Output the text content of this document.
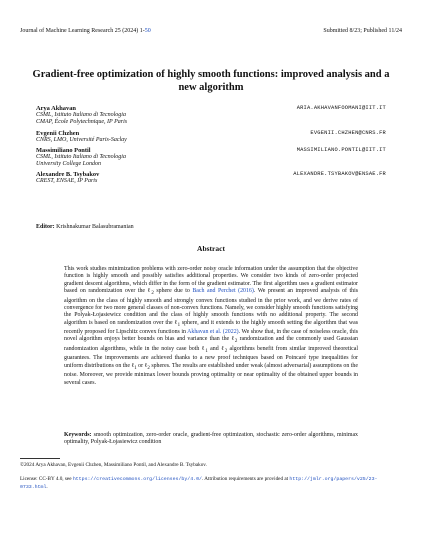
Journal of Machine Learning Research 25 (2024) 1-50	Submitted 8/23; Published 11/24
Gradient-free optimization of highly smooth functions: improved analysis and a new algorithm
Arya Akhavan	ARIA.AKHAVANFOOMANI@IIT.IT
CSML, Istituto Italiano di Tecnologia
CMAP, École Polytechnique, IP Paris
Evgenii Chzhen	EVGENII.CHZHEN@CNRS.FR
CNRS, LMO, Université Paris-Saclay
Massimiliano Pontil	MASSIMILIANO.PONTIL@IIT.IT
CSML, Istituto Italiano di Tecnologia
University College London
Alexandre B. Tsybakov	ALEXANDRE.TSYBAKOV@ENSAE.FR
CREST, ENSAE, IP Paris
Editor: Krishnakumar Balasubramanian
Abstract
This work studies minimization problems with zero-order noisy oracle information under the assumption that the objective function is highly smooth and possibly satisfies additional properties. We consider two kinds of zero-order projected gradient descent algorithms, which differ in the form of the gradient estimator. The first algorithm uses a gradient estimator based on randomization over the ℓ$_2$ sphere due to Bach and Perchet (2016). We present an improved analysis of this algorithm on the class of highly smooth and strongly convex functions studied in the prior work, and we derive rates of convergence for two more general classes of non-convex functions. Namely, we consider highly smooth functions satisfying the Polyak-Łojasiewicz condition and the class of highly smooth functions with no additional property. The second algorithm is based on randomization over the ℓ$_1$ sphere, and it extends to the highly smooth setting the algorithm that was recently proposed for Lipschitz convex functions in Akhavan et al. (2022). We show that, in the case of noiseless oracle, this novel algorithm enjoys better bounds on bias and variance than the ℓ$_2$ randomization and the commonly used Gaussian randomization algorithms, while in the noisy case both ℓ$_1$ and ℓ$_2$ algorithms benefit from similar improved theoretical guarantees. The improvements are achieved thanks to a new proof techniques based on Poincaré type inequalities for uniform distributions on the ℓ$_1$ or ℓ$_2$ spheres. The results are established under weak (almost adversarial) assumptions on the noise. Moreover, we provide minimax lower bounds proving optimality or near optimality of the obtained upper bounds in several cases.
Keywords: smooth optimization, zero-order oracle, gradient-free optimization, stochastic zero-order algorithms, minimax optimality, Polyak-Łojasiewicz condition
©2024 Arya Akhavan, Evgenii Chzhen, Massimiliano Pontil, and Alexandre B. Tsybakov.
License: CC-BY 4.0, see https://creativecommons.org/licenses/by/4.0/. Attribution requirements are provided at http://jmlr.org/papers/v25/23-0733.html.
